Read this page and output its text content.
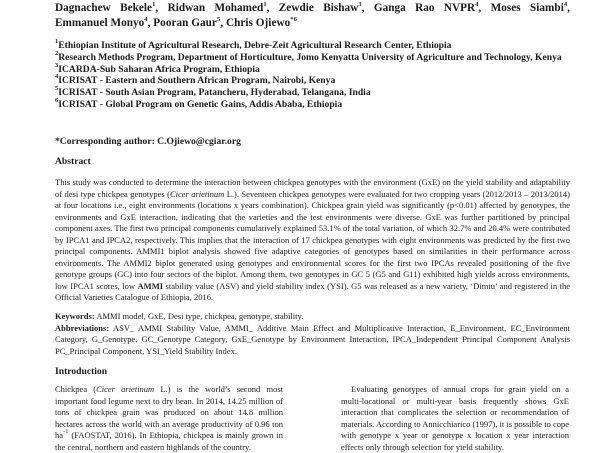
Dagnachew Bekele$^1$, Ridwan Mohamed$^1$, Zewdie Bishaw$^3$, Ganga Rao NVPR$^4$, Moses Siambi$^4$,
Emmanuel Monyo$^4$, Pooran Gaur$^5$, Chris Ojiewo$^{*6}$
$^1$Ethiopian Institute of Agricultural Research, Debre-Zeit Agricultural Research Center, Ethiopia
$^2$Research Methods Program, Department of Horticulture, Jomo Kenyatta University of Agriculture and Technology, Kenya
$^3$ICARDA-Sub Saharan Africa Program, Ethiopia
$^4$ICRISAT - Eastern and Southern African Program, Nairobi, Kenya
$^5$ICRISAT - South Asian Program, Patancheru, Hyderabad, Telangana, India
$^6$ICRISAT - Global Program on Genetic Gains, Addis Ababa, Ethiopia
*Corresponding author: C.Ojiewo@cgiar.org
Abstract
This study was conducted to determine the interaction between chickpea genotypes with the environment (GxE) on the yield stability and adaptability of desi type chickpea genotypes (Cicer arietinum L.). Seventeen chickpea genotypes were evaluated for two cropping years (2012/2013 – 2013/2014) at four locations i.e., eight environments (locations x years combination). Chickpea grain yield was significantly (p<0.01) affected by genotypes, the environments and GxE interaction, indicating that the varieties and the test environments were diverse. GxE was further partitioned by principal component axes. The first two principal components cumulatively explained 53.1% of the total variation, of which 32.7% and 20.4% were contributed by IPCA1 and IPCA2, respectively. This implies that the interaction of 17 chickpea genotypes with eight environments was predicted by the first two principal components. AMMI1 biplot analysis showed five adaptive categories of genotypes based on similarities in their performance across environments. The AMMI2 biplot generated using genotypes and environmental scores for the first two IPCAs revealed positioning of the five genotype groups (GC) into four sectors of the biplot. Among them, two genotypes in GC 5 (G5 and G11) exhibited high yields across environments, low IPCA1 scores, low AMMI stability value (ASV) and yield stability index (YSI). G5 was released as a new variety, ‘Dimtu’ and registered in the Official Varieties Catalogue of Ethiopia, 2016.
Keywords: AMMI model, GxE, Desi type, chickpea, genotype, stability.
Abbreviations: ASV_ AMMI Stability Value, AMMI_ Additive Main Effect and Multiplicative Interaction, E_Environment, EC_Environment Category, G_Genotype, GC_Genotype Category, GxE_Genotype by Environment Interaction, IPCA_Independent Principal Component Analysis PC_Principal Component, YSI_Yield Stability Index.
Introduction
Chickpea (Cicer arietinum L.) is the world’s second most important food legume next to dry bean. In 2014, 14.25 million of tons of chickpea grain was produced on about 14.8 million hectares across the world with an average productivity of 0.96 ton $ha^{-1}$ (FAOSTAT, 2016). In Ethiopia, chickpea is mainly grown in the central, northern and eastern highlands of the country.
Evaluating genotypes of annual crops for grain yield on a multi-locational or multi-year basis frequently shows GxE interaction that complicates the selection or recommendation of materials. According to Annicchiarico (1997), it is possible to cope with genotype x year or genotype x location x year interaction effects only through selection for yield stability.
